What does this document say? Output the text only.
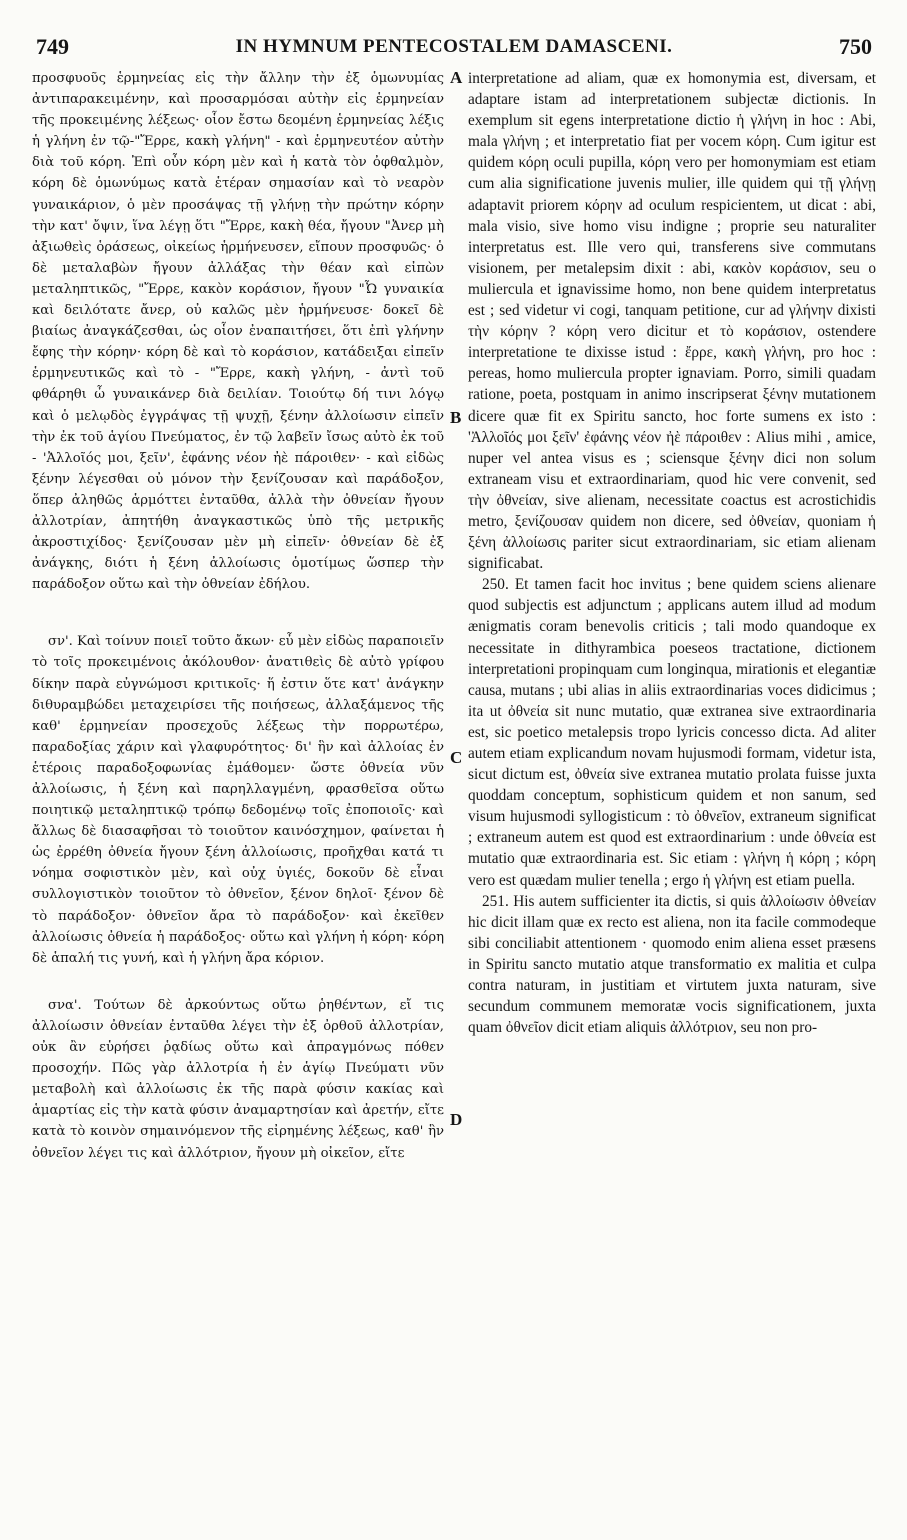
749	IN HYMNUM PENTECOSTALEM DAMASCENI.	750

προσφυοῦς ἑρμηνείας εἰς τὴν ἄλλην τὴν ἐξ ὁμωνυμίας ἀντιπαρακειμένην, καὶ προσαρμόσαι αὐτὴν εἰς ἑρμηνείαν τῆς προκειμένης λέξεως· οἷον ἔστω δεομένη ἑρμηνείας λέξις ἡ γλήνη ἐν τῷ-"Ἔρρε, κακὴ γλήνη" - καὶ ἑρμηνευτέον αὐτὴν διὰ τοῦ κόρη. Ἐπὶ οὖν κόρη μὲν καὶ ἡ κατὰ τὸν ὀφθαλμὸν, κόρη δὲ ὁμωνύμως κατὰ ἑτέραν σημασίαν καὶ τὸ νεαρὸν γυναικάριον, ὁ μὲν προσάψας τῇ γλήνῃ τὴν πρώτην κόρην τὴν κατ' ὄψιν, ἵνα λέγῃ ὅτι "Ἔρρε, κακὴ θέα, ἤγουν "Ἀνερ μὴ ἀξιωθεὶς ὁράσεως, οἰκείως ἡρμήνευσεν, εἴπουν προσφυῶς· ὁ δὲ μεταλαβὼν ἤγουν ἀλλάξας τὴν θέαν καὶ εἰπὼν μεταληπτικῶς, "Ἔρρε, κακὸν κοράσιον, ἤγουν "Ὦ γυναικία καὶ δειλότατε ἄνερ, οὐ καλῶς μὲν ἡρμήνευσε· δοκεῖ δὲ βιαίως ἀναγκάζεσθαι, ὡς οἷον ἐναπαιτήσει, ὅτι ἐπὶ γλήνην ἔφης τὴν κόρην· κόρη δὲ καὶ τὸ κοράσιον, κατάδειξαι εἰπεῖν ἑρμηνευτικῶς καὶ τὸ - "Ἔρρε, κακὴ γλήνη, - ἀντὶ τοῦ φθάρηθι ὦ γυναικάνερ διὰ δειλίαν. Τοιούτῳ δή τινι λόγῳ καὶ ὁ μελῳδὸς ἐγγράψας τῇ ψυχῇ, ξένην ἀλλοίωσιν εἰπεῖν τὴν ἐκ τοῦ ἁγίου Πνεύματος, ἐν τῷ λαβεῖν ἴσως αὐτὸ ἐκ τοῦ - 'Ἀλλοῖός μοι, ξεῖν', ἐφάνης νέον ἠὲ πάροιθεν· - καὶ εἰδὼς ξένην λέγεσθαι οὐ μόνον τὴν ξενίζουσαν καὶ παράδοξον, ὅπερ ἀληθῶς ἁρμόττει ἐνταῦθα, ἀλλὰ τὴν ὀθνείαν ἤγουν ἀλλοτρίαν, ἀπητήθη ἀναγκαστικῶς ὑπὸ τῆς μετρικῆς ἀκροστιχίδος· ξενίζουσαν μὲν μὴ εἰπεῖν· ὀθνείαν δὲ ἐξ ἀνάγκης, διότι ἡ ξένη ἀλλοίωσις ὁμοτίμως ὥσπερ τὴν παράδοξον οὕτω καὶ τὴν ὀθνείαν ἐδήλου.

σν'. Καὶ τοίνυν ποιεῖ τοῦτο ἄκων· εὖ μὲν εἰδὼς παραποιεῖν τὸ τοῖς προκειμένοις ἀκόλουθον· ἀνατιθεὶς δὲ αὐτὸ γρίφου δίκην παρὰ εὐγνώμοσι κριτικοῖς· ἥ ἐστιν ὅτε κατ' ἀνάγκην διθυραμβώδει μεταχειρίσει τῆς ποιήσεως, ἀλλαξάμενος τῆς καθ' ἑρμηνείαν προσεχοῦς λέξεως τὴν πορρωτέρω, παραδοξίας χάριν καὶ γλαφυρότητος· δι' ἣν καὶ ἀλλοίας ἐν ἑτέροις παραδοξοφωνίας ἐμάθομεν· ὥστε ὀθνεία νῦν ἀλλοίωσις, ἡ ξένη καὶ παρηλλαγμένη, φρασθεῖσα οὕτω ποιητικῷ μεταληπτικῷ τρόπῳ δεδομένῳ τοῖς ἐποποιοῖς· καὶ ἄλλως δὲ διασαφῆσαι τὸ τοιοῦτον καινόσχημον, φαίνεται ἡ ὡς ἐρρέθη ὀθνεία ἤγουν ξένη ἀλλοίωσις, προῆχθαι κατά τι νόημα σοφιστικὸν μὲν, καὶ οὐχ ὑγιές, δοκοῦν δὲ εἶναι συλλογιστικὸν τοιοῦτον τὸ ὀθνεῖον, ξένον δηλοῖ· ξένον δὲ τὸ παράδοξον· ὀθνεῖον ἄρα τὸ παράδοξον· καὶ ἐκεῖθεν ἀλλοίωσις ὀθνεία ἡ παράδοξος· οὕτω καὶ γλήνη ἡ κόρη· κόρη δὲ ἁπαλή τις γυνή, καὶ ἡ γλήνη ἄρα κόριον.

σνα'. Τούτων δὲ ἀρκούντως οὕτω ῥηθέντων, εἴ τις ἀλλοίωσιν ὀθνείαν ἐνταῦθα λέγει τὴν ἐξ ὀρθοῦ ἀλλοτρίαν, οὐκ ἂν εὑρήσει ῥᾳδίως οὕτω καὶ ἀπραγμόνως πόθεν προσοχήν. Πῶς γὰρ ἀλλοτρία ἡ ἐν ἁγίῳ Πνεύματι νῦν μεταβολὴ καὶ ἀλλοίωσις ἐκ τῆς παρὰ φύσιν κακίας καὶ ἁμαρτίας εἰς τὴν κατὰ φύσιν ἀναμαρτησίαν καὶ ἀρετήν, εἴτε κατὰ τὸ κοινὸν σημαινόμενον τῆς εἰρημένης λέξεως, καθ' ἣν ὀθνεῖον λέγει τις καὶ ἀλλότριον, ἤγουν μὴ οἰκεῖον, εἴτε

A
B
C
D

interpretatione ad aliam, quæ ex homonymia est, diversam, et adaptare istam ad interpretationem subjectæ dictionis. In exemplum sit egens interpretatione dictio ἡ γλήνη in hoc : Abi, mala γλήνη ; et interpretatio fiat per vocem κόρη. Cum igitur est quidem κόρη oculi pupilla, κόρη vero per homonymiam est etiam cum alia significatione juvenis mulier, ille quidem qui τῇ γλήνῃ adaptavit priorem κόρην ad oculum respicientem, ut dicat : abi, mala visio, sive homo visu indigne ; proprie seu naturaliter interpretatus est. Ille vero qui, transferens sive commutans visionem, per metalepsim dixit : abi, κακὸν κοράσιον, seu o muliercula et ignavissime homo, non bene quidem interpretatus est ; sed videtur vi cogi, tanquam petitione, cur ad γλήνην dixisti τὴν κόρην ? κόρη vero dicitur et τὸ κοράσιον, ostendere interpretatione te dixisse istud : ἔρρε, κακὴ γλήνη, pro hoc : pereas, homo muliercula propter ignaviam. Porro, simili quadam ratione, poeta, postquam in animo inscripserat ξένην mutationem dicere quæ fit ex Spiritu sancto, hoc forte sumens ex isto : 'Ἀλλοῖός μοι ξεῖν' ἐφάνης νέον ἠὲ πάροιθεν : Alius mihi , amice, nuper vel antea visus es ; sciensque ξένην dici non solum extraneam visu et extraordinariam, quod hic vere convenit, sed τὴν ὀθνείαν, sive alienam, necessitate coactus est acrostichidis metro, ξενίζουσαν quidem non dicere, sed ὀθνείαν, quoniam ἡ ξένη ἀλλοίωσις pariter sicut extraordinariam, sic etiam alienam significabat.

250. Et tamen facit hoc invitus ; bene quidem sciens alienare quod subjectis est adjunctum ; applicans autem illud ad modum ænigmatis coram benevolis criticis ; tali modo quandoque ex necessitate in dithyrambica poeseos tractatione, dictionem interpretationi propinquam cum longinqua, mirationis et elegantiæ causa, mutans ; ubi alias in aliis extraordinarias voces didicimus ; ita ut ὀθνεία sit nunc mutatio, quæ extranea sive extraordinaria est, sic poetico metalepsis tropo lyricis concesso dicta. Ad aliter autem etiam explicandum novam hujusmodi formam, videtur ista, sicut dictum est, ὀθνεία sive extranea mutatio prolata fuisse juxta quoddam conceptum, sophisticum quidem et non sanum, sed visum hujusmodi syllogisticum : τὸ ὀθνεῖον, extraneum significat ; extraneum autem est quod est extraordinarium : unde ὀθνεία est mutatio quæ extraordinaria est. Sic etiam : γλήνη ἡ κόρη ; κόρη vero est quædam mulier tenella ; ergo ἡ γλήνη est etiam puella.

251. His autem sufficienter ita dictis, si quis ἀλλοίωσιν ὀθνείαν hic dicit illam quæ ex recto est aliena, non ita facile commodeque sibi conciliabit attentionem · quomodo enim aliena esset præsens in Spiritu sancto mutatio atque transformatio ex malitia et culpa contra naturam, in justitiam et virtutem juxta naturam, sive secundum communem memoratæ vocis significationem, juxta quam ὀθνεῖον dicit etiam aliquis ἀλλότριον, seu non pro-
